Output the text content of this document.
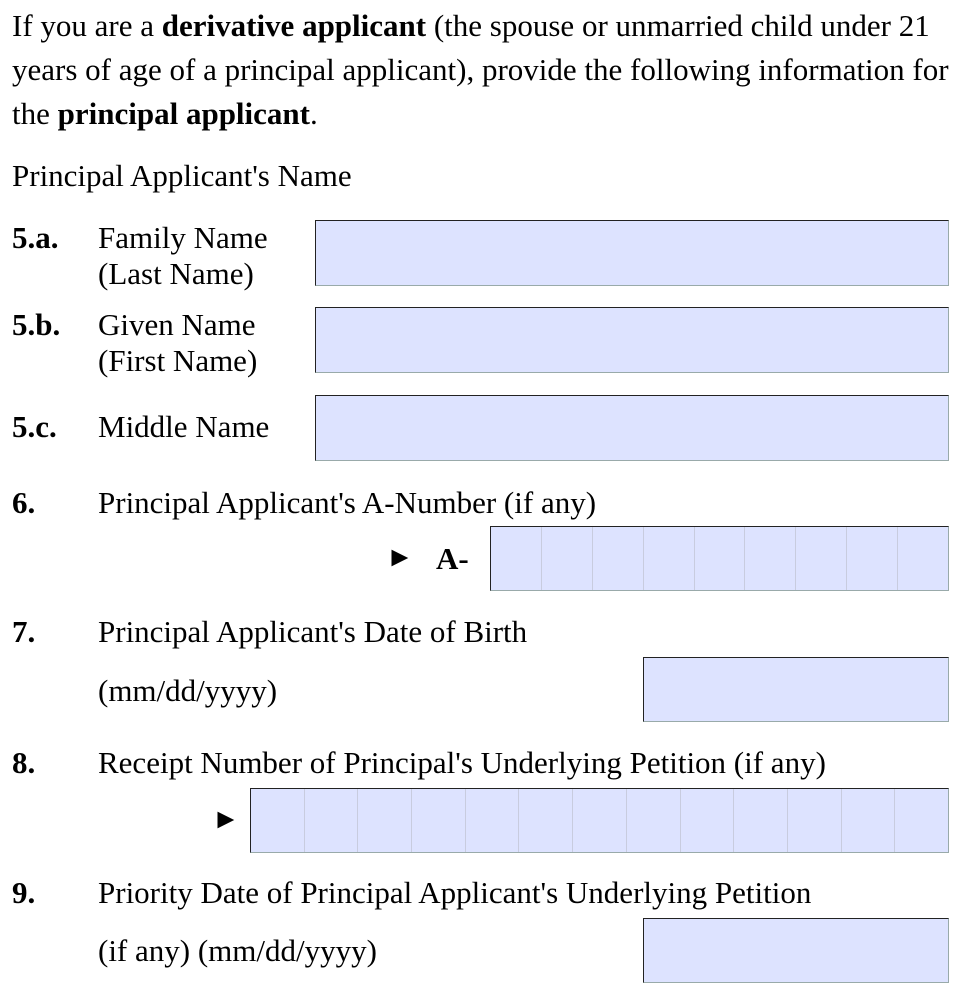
If you are a derivative applicant (the spouse or unmarried child under 21 years of age of a principal applicant), provide the following information for the principal applicant.
Principal Applicant's Name
5.a. Family Name
(Last Name)
5.b. Given Name
(First Name)
5.c. Middle Name
6. Principal Applicant's A-Number (if any)
► A-
7. Principal Applicant's Date of Birth
(mm/dd/yyyy)
8. Receipt Number of Principal's Underlying Petition (if any)
►
9. Priority Date of Principal Applicant's Underlying Petition
(if any) (mm/dd/yyyy)
